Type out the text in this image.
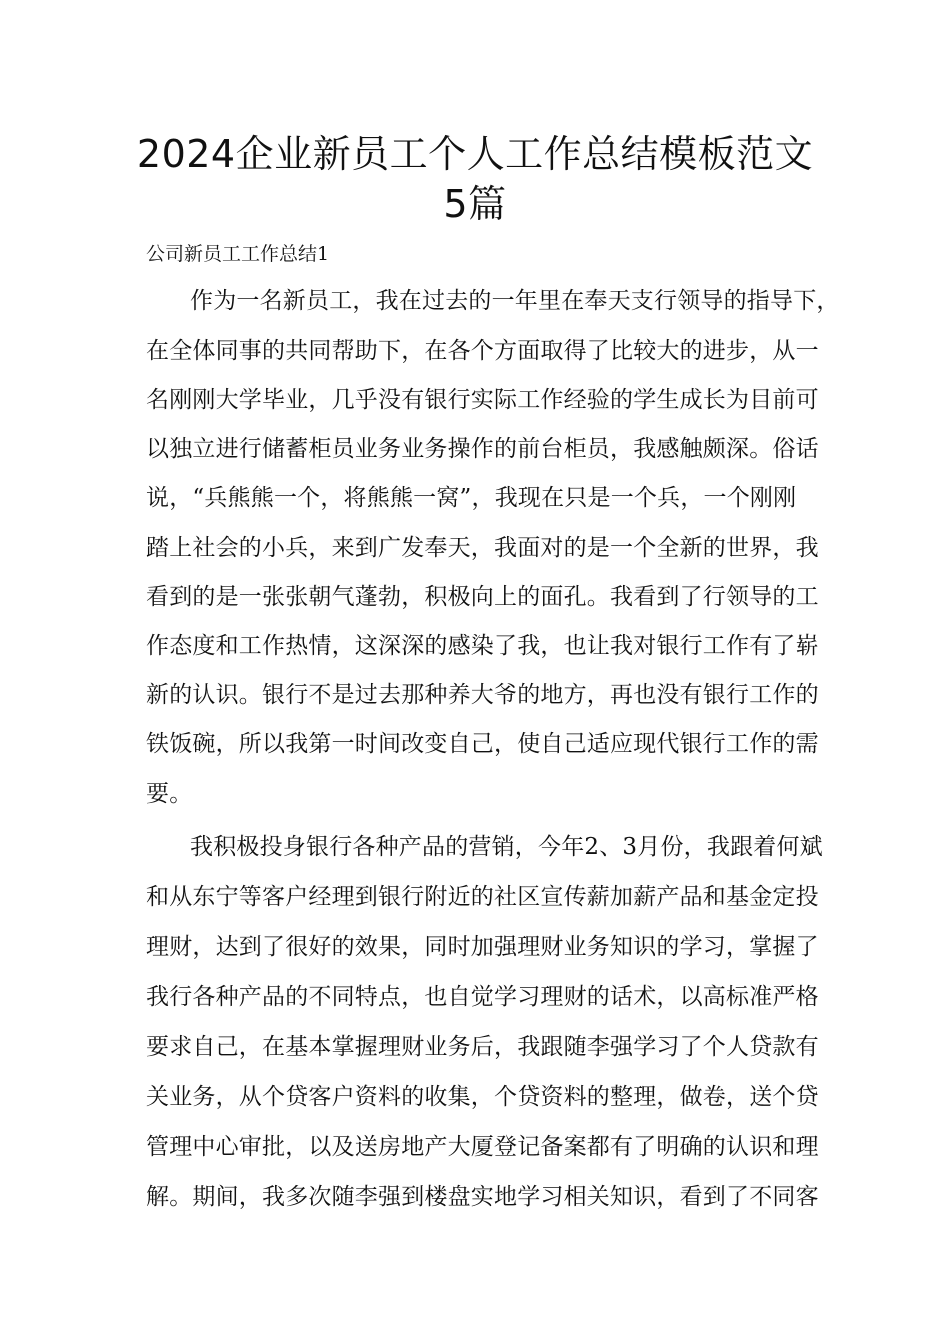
2024企业新员工个人工作总结模板范文
5篇
公司新员工工作总结1
作为一名新员工，我在过去的一年里在奉天支行领导的指导下，
在全体同事的共同帮助下，在各个方面取得了比较大的进步，从一
名刚刚大学毕业，几乎没有银行实际工作经验的学生成长为目前可
以独立进行储蓄柜员业务业务操作的前台柜员，我感触颇深。俗话
说，“兵熊熊一个，将熊熊一窝”，我现在只是一个兵，一个刚刚
踏上社会的小兵，来到广发奉天，我面对的是一个全新的世界，我
看到的是一张张朝气蓬勃，积极向上的面孔。我看到了行领导的工
作态度和工作热情，这深深的感染了我，也让我对银行工作有了崭
新的认识。银行不是过去那种养大爷的地方，再也没有银行工作的
铁饭碗，所以我第一时间改变自己，使自己适应现代银行工作的需
要。
我积极投身银行各种产品的营销，今年2、3月份，我跟着何斌
和从东宁等客户经理到银行附近的社区宣传薪加薪产品和基金定投
理财，达到了很好的效果，同时加强理财业务知识的学习，掌握了
我行各种产品的不同特点，也自觉学习理财的话术，以高标准严格
要求自己，在基本掌握理财业务后，我跟随李强学习了个人贷款有
关业务，从个贷客户资料的收集，个贷资料的整理，做卷，送个贷
管理中心审批，以及送房地产大厦登记备案都有了明确的认识和理
解。期间，我多次随李强到楼盘实地学习相关知识，看到了不同客
